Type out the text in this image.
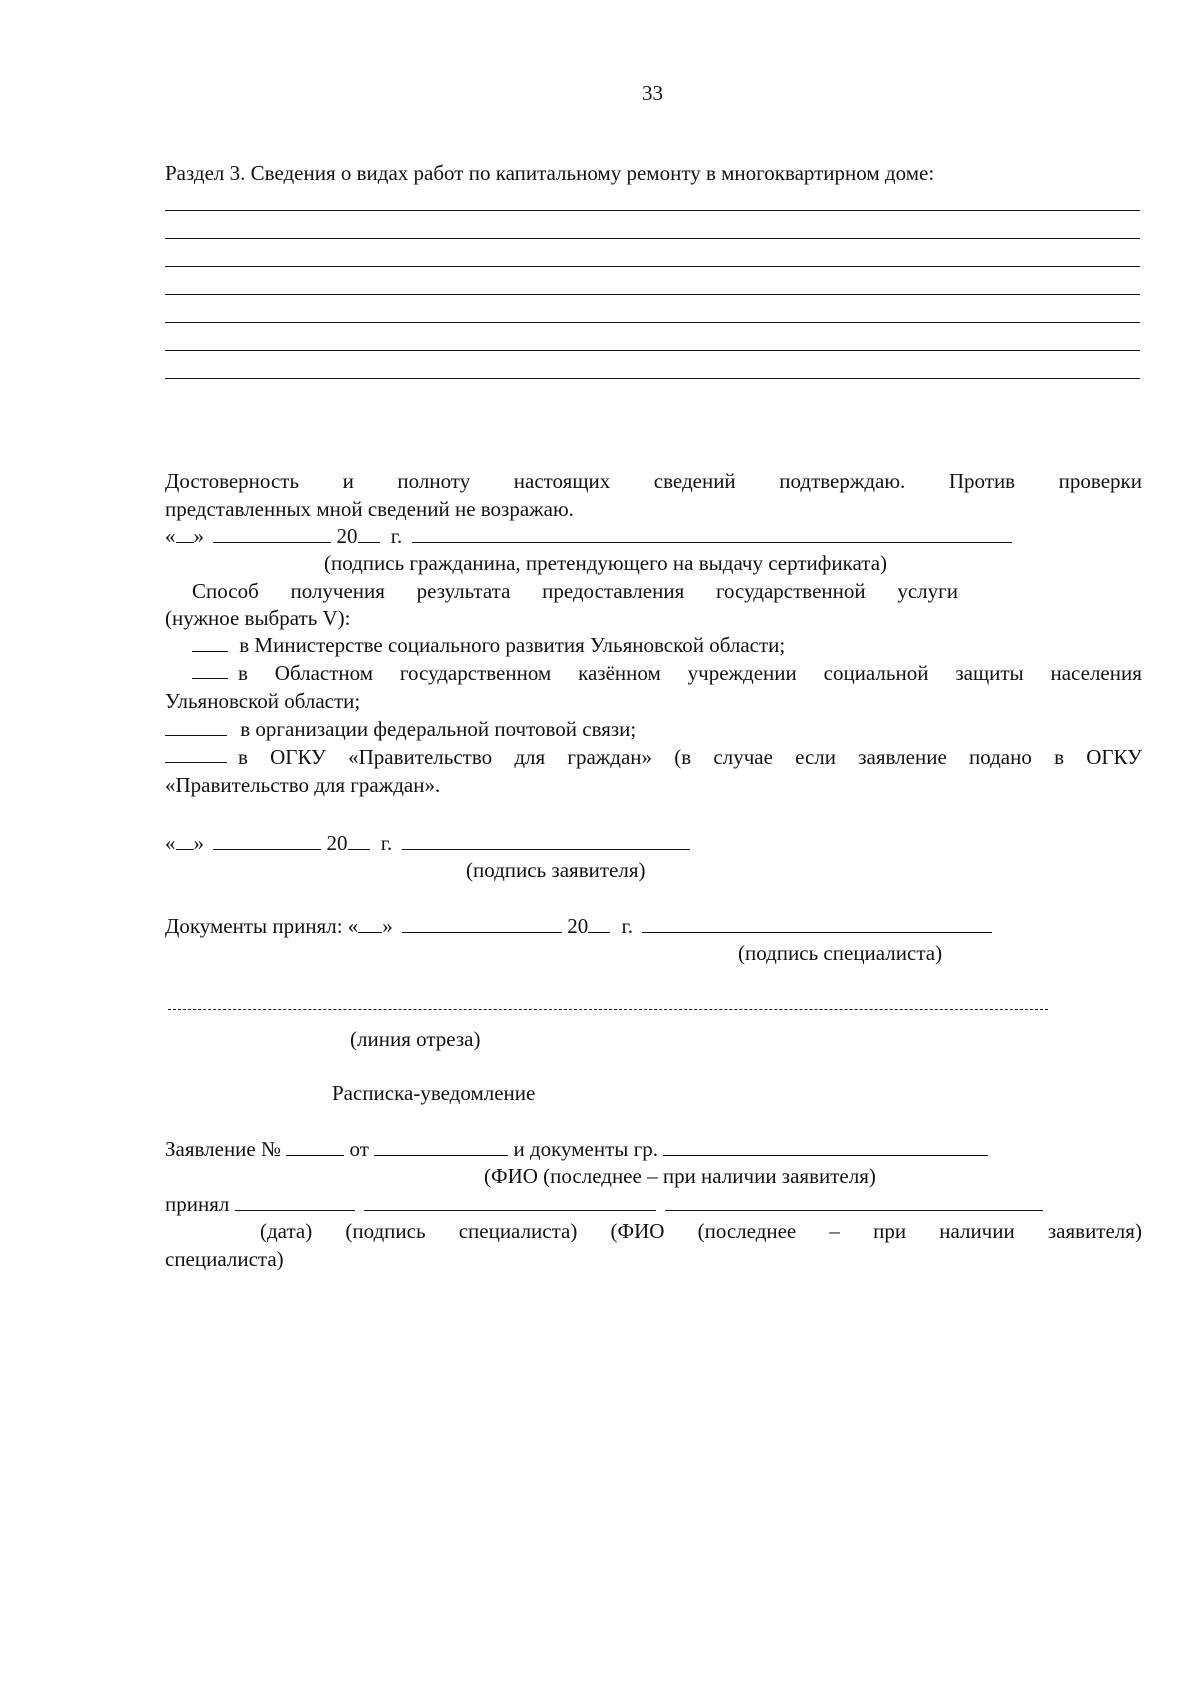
33
Раздел 3. Сведения о видах работ по капитальному ремонту в многоквартирном доме:
Достоверность и полноту настоящих сведений подтверждаю. Против проверки
представленных мной сведений не возражаю.
« »	20 г.
(подпись гражданина, претендующего на выдачу сертификата)
Способ получения результата предоставления государственной услуги
(нужное выбрать V):
в Министерстве социального развития Ульяновской области;
в Областном государственном казённом учреждении социальной защиты населения
Ульяновской области;
в организации федеральной почтовой связи;
в ОГКУ «Правительство для граждан» (в случае если заявление подано в ОГКУ
«Правительство для граждан».
« »	20 г.
(подпись заявителя)
Документы принял: « »	20 г.
(подпись специалиста)
(линия отреза)
Расписка-уведомление
Заявление №	от	и документы гр.
(ФИО (последнее – при наличии заявителя)
принял
(дата) (подпись специалиста) (ФИО (последнее – при наличии заявителя)
специалиста)
